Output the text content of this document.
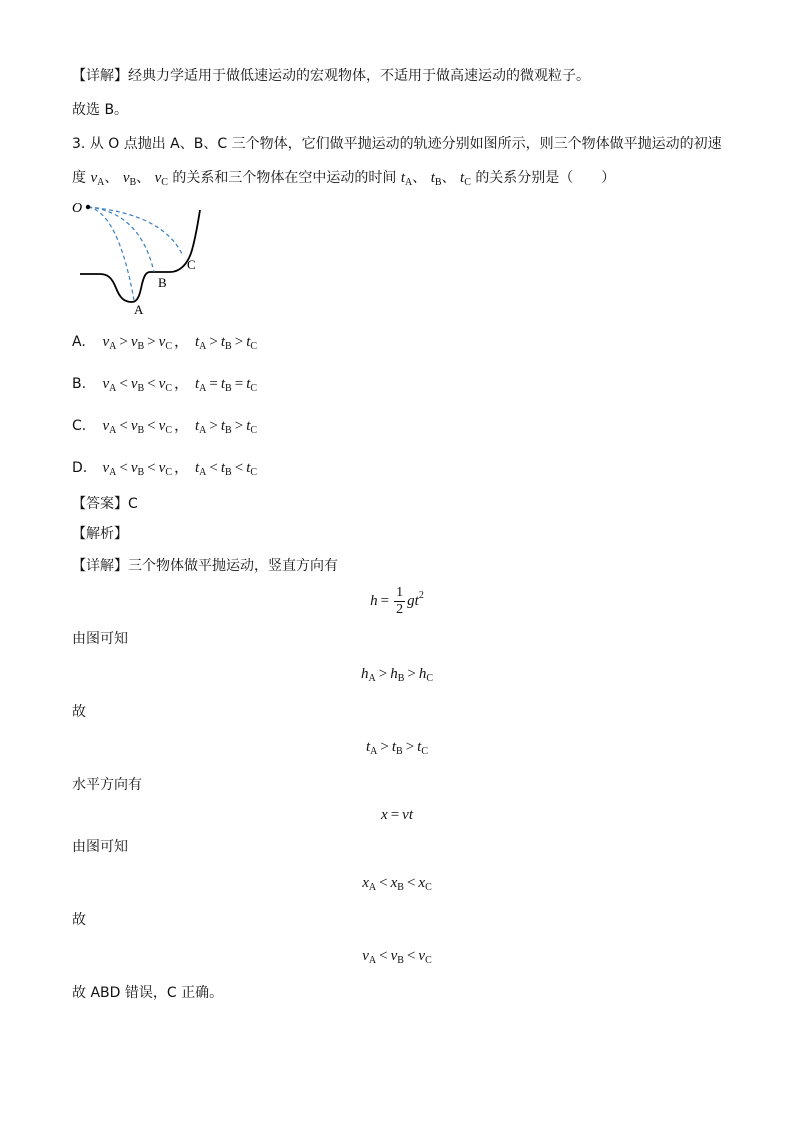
【详解】经典力学适用于做低速运动的宏观物体，不适用于做高速运动的微观粒子。
故选 B。
3. 从 O 点抛出 A、B、C 三个物体，它们做平抛运动的轨迹分别如图所示，则三个物体做平抛运动的初速
度 $v_A$、 $v_B$、 $v_C$ 的关系和三个物体在空中运动的时间 $t_A$、 $t_B$、 $t_C$ 的关系分别是（　　）
O
A
B
C
A. $v_A > v_B > v_C$ ， $t_A > t_B > t_C$
B. $v_A < v_B < v_C$ ， $t_A = t_B = t_C$
C. $v_A < v_B < v_C$ ， $t_A > t_B > t_C$
D. $v_A < v_B < v_C$ ， $t_A < t_B < t_C$
【答案】C
【解析】
【详解】三个物体做平抛运动，竖直方向有
$h = \frac{1}{2} gt^2$
由图可知
$h_A > h_B > h_C$
故
$t_A > t_B > t_C$
水平方向有
x = vt
由图可知
$x_A < x_B < x_C$
故
$v_A < v_B < v_C$
故 ABD 错误，C 正确。
